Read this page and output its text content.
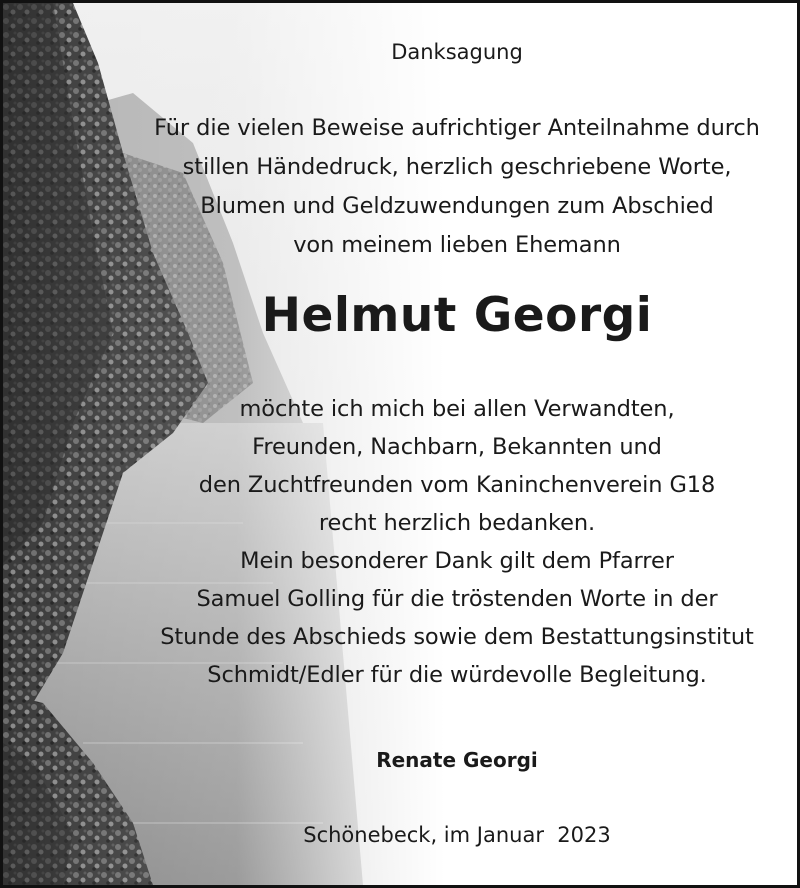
Danksagung
Für die vielen Beweise aufrichtiger Anteilnahme durch
stillen Händedruck, herzlich geschriebene Worte,
Blumen und Geldzuwendungen zum Abschied
von meinem lieben Ehemann
Helmut Georgi
möchte ich mich bei allen Verwandten,
Freunden, Nachbarn, Bekannten und
den Zuchtfreunden vom Kaninchenverein G18
recht herzlich bedanken.
Mein besonderer Dank gilt dem Pfarrer
Samuel Golling für die tröstenden Worte in der
Stunde des Abschieds sowie dem Bestattungsinstitut
Schmidt/Edler für die würdevolle Begleitung.
Renate Georgi
Schönebeck, im Januar  2023
